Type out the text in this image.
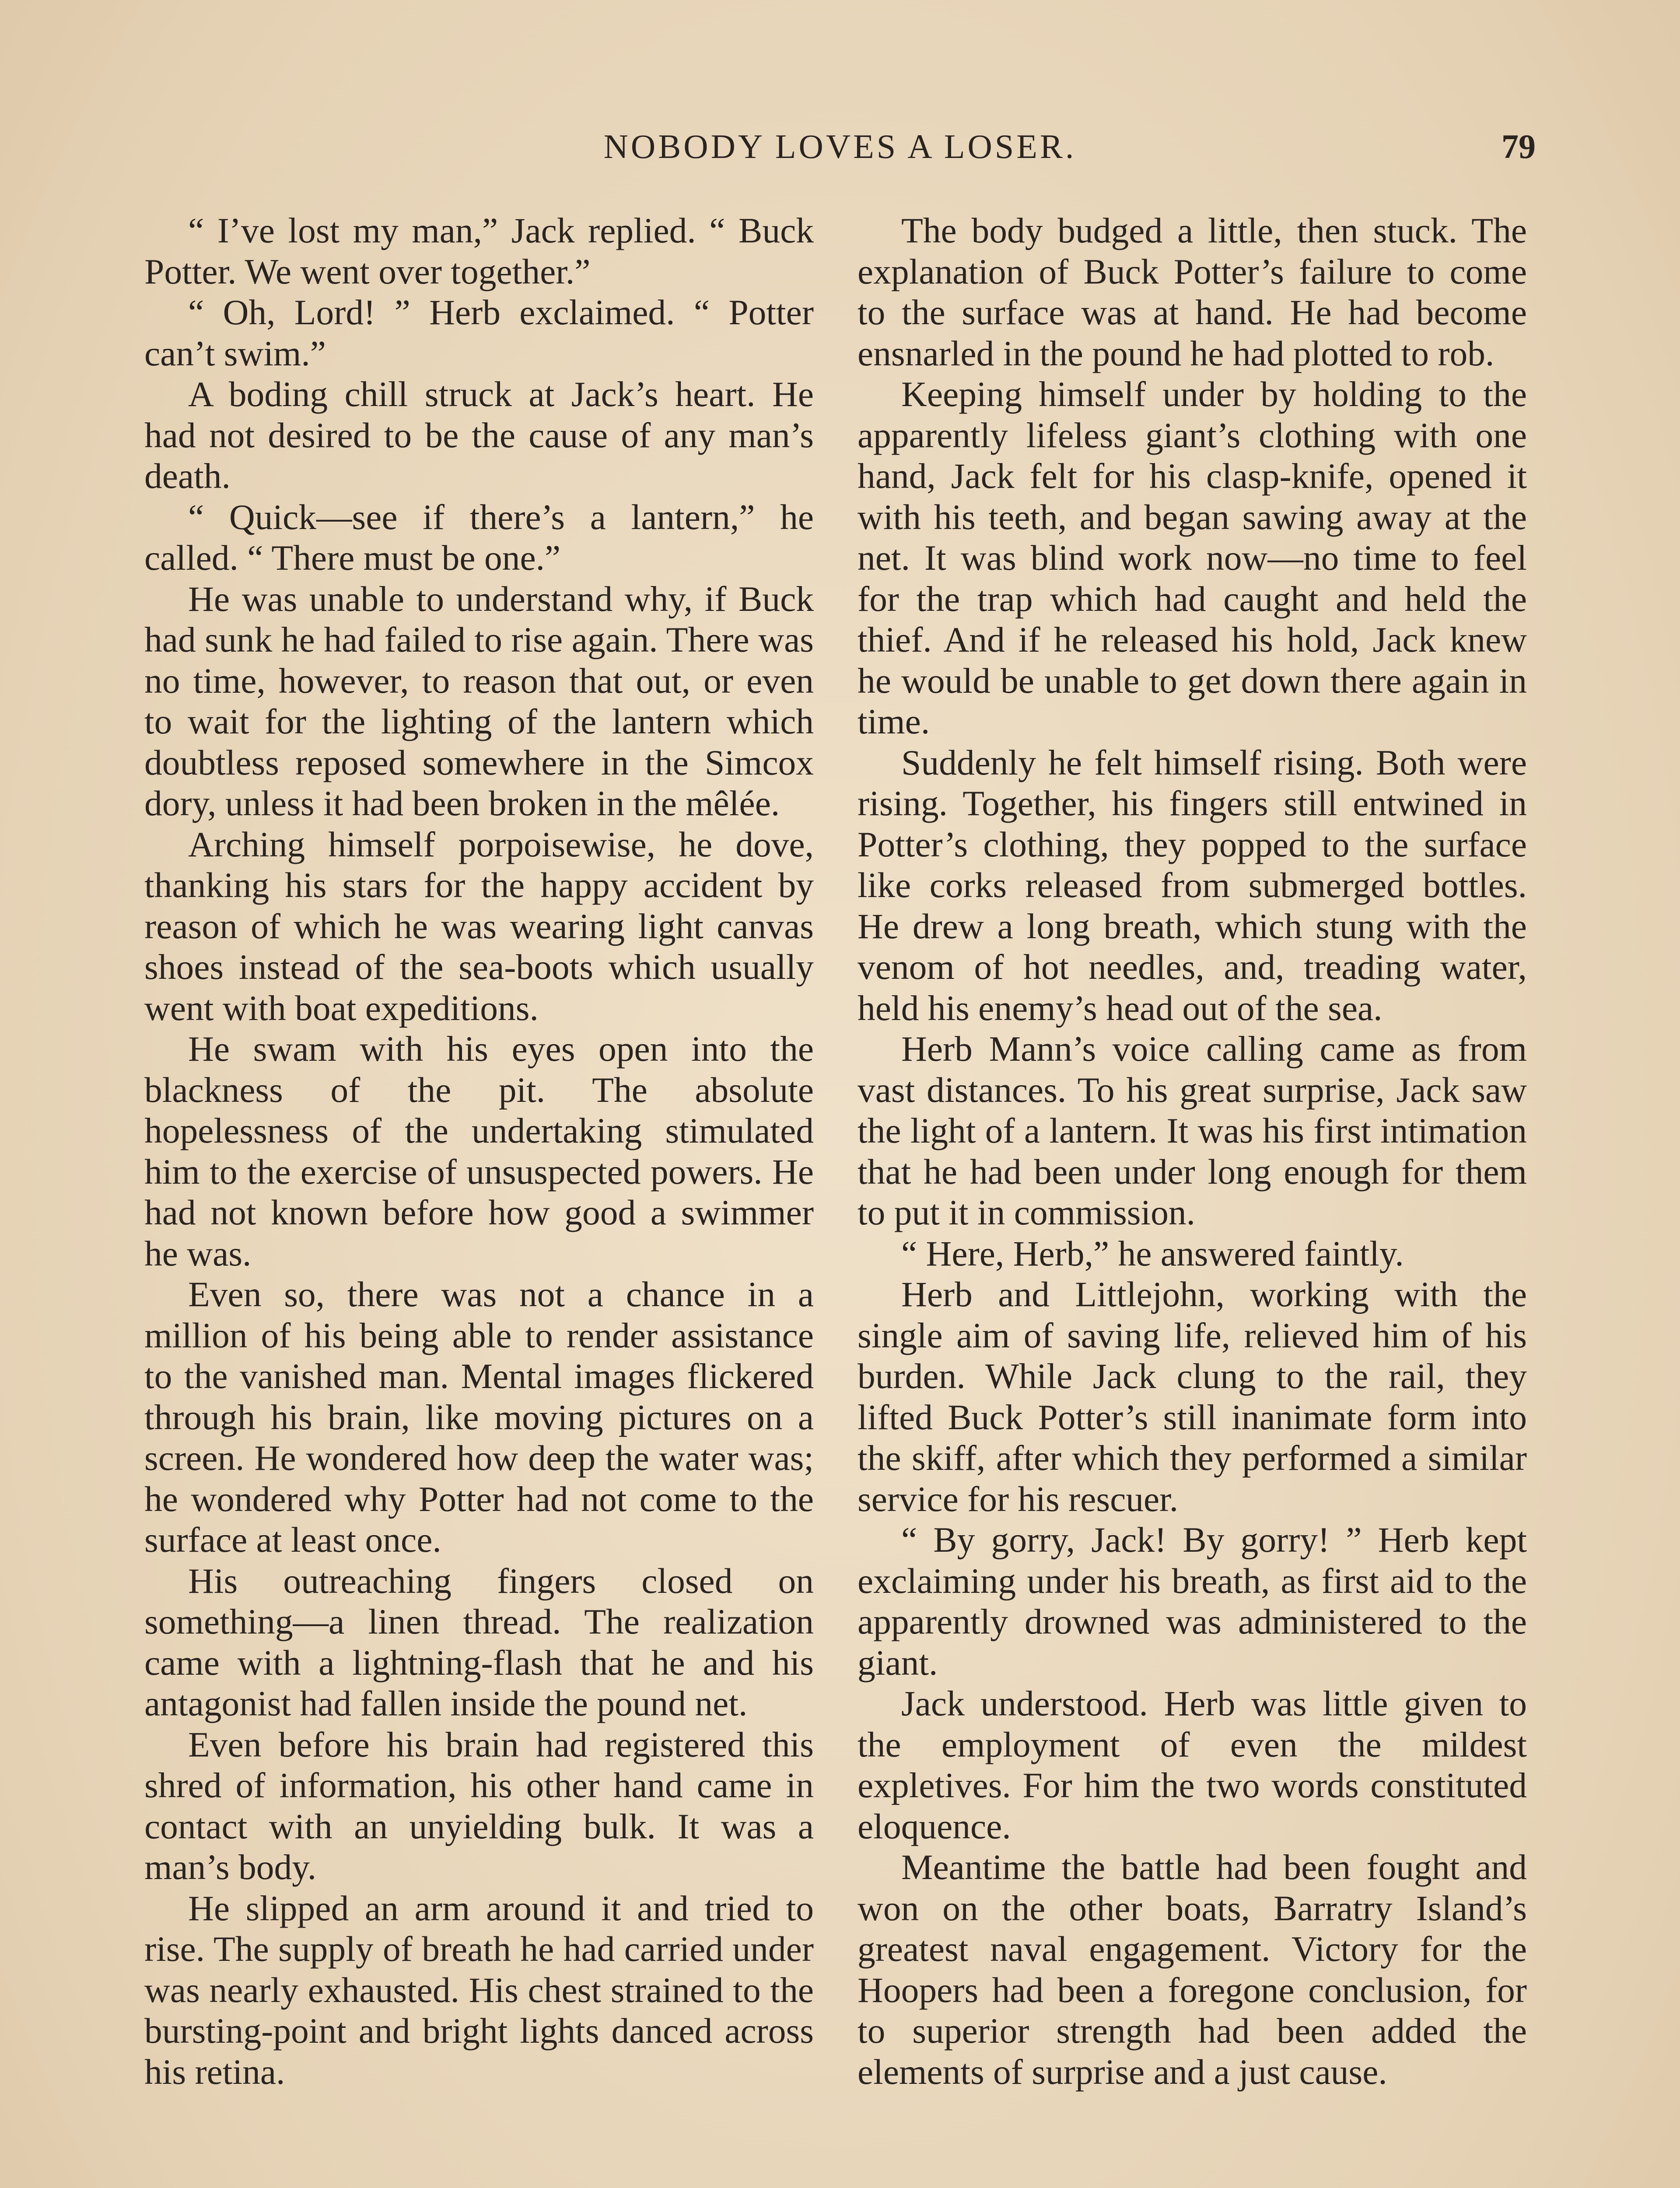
NOBODY LOVES A LOSER.	79

“ I’ve lost my man,” Jack replied. “ Buck Potter. We went over together.”

“ Oh, Lord! ” Herb exclaimed. “ Potter can’t swim.”

A boding chill struck at Jack’s heart. He had not desired to be the cause of any man’s death.

“ Quick—see if there’s a lantern,” he called. “ There must be one.”

He was unable to understand why, if Buck had sunk he had failed to rise again. There was no time, however, to reason that out, or even to wait for the lighting of the lantern which doubtless reposed somewhere in the Simcox dory, unless it had been broken in the mêlée.

Arching himself porpoisewise, he dove, thanking his stars for the happy accident by reason of which he was wearing light canvas shoes instead of the sea-boots which usually went with boat expeditions.

He swam with his eyes open into the blackness of the pit. The absolute hopelessness of the undertaking stimulated him to the exercise of unsuspected powers. He had not known before how good a swimmer he was.

Even so, there was not a chance in a million of his being able to render assistance to the vanished man. Mental images flickered through his brain, like moving pictures on a screen. He wondered how deep the water was; he wondered why Potter had not come to the surface at least once.

His outreaching fingers closed on something—a linen thread. The realization came with a lightning-flash that he and his antagonist had fallen inside the pound net.

Even before his brain had registered this shred of information, his other hand came in contact with an unyielding bulk. It was a man’s body.

He slipped an arm around it and tried to rise. The supply of breath he had carried under was nearly exhausted. His chest strained to the bursting-point and bright lights danced across his retina.

The body budged a little, then stuck. The explanation of Buck Potter’s failure to come to the surface was at hand. He had become ensnarled in the pound he had plotted to rob.

Keeping himself under by holding to the apparently lifeless giant’s clothing with one hand, Jack felt for his clasp-knife, opened it with his teeth, and began sawing away at the net. It was blind work now—no time to feel for the trap which had caught and held the thief. And if he released his hold, Jack knew he would be unable to get down there again in time.

Suddenly he felt himself rising. Both were rising. Together, his fingers still entwined in Potter’s clothing, they popped to the surface like corks released from submerged bottles. He drew a long breath, which stung with the venom of hot needles, and, treading water, held his enemy’s head out of the sea.

Herb Mann’s voice calling came as from vast distances. To his great surprise, Jack saw the light of a lantern. It was his first intimation that he had been under long enough for them to put it in commission.

“ Here, Herb,” he answered faintly.

Herb and Littlejohn, working with the single aim of saving life, relieved him of his burden. While Jack clung to the rail, they lifted Buck Potter’s still inanimate form into the skiff, after which they performed a similar service for his rescuer.

“ By gorry, Jack! By gorry! ” Herb kept exclaiming under his breath, as first aid to the apparently drowned was administered to the giant.

Jack understood. Herb was little given to the employment of even the mildest expletives. For him the two words constituted eloquence.

Meantime the battle had been fought and won on the other boats, Barratry Island’s greatest naval engagement. Victory for the Hoopers had been a foregone conclusion, for to superior strength had been added the elements of surprise and a just cause.
